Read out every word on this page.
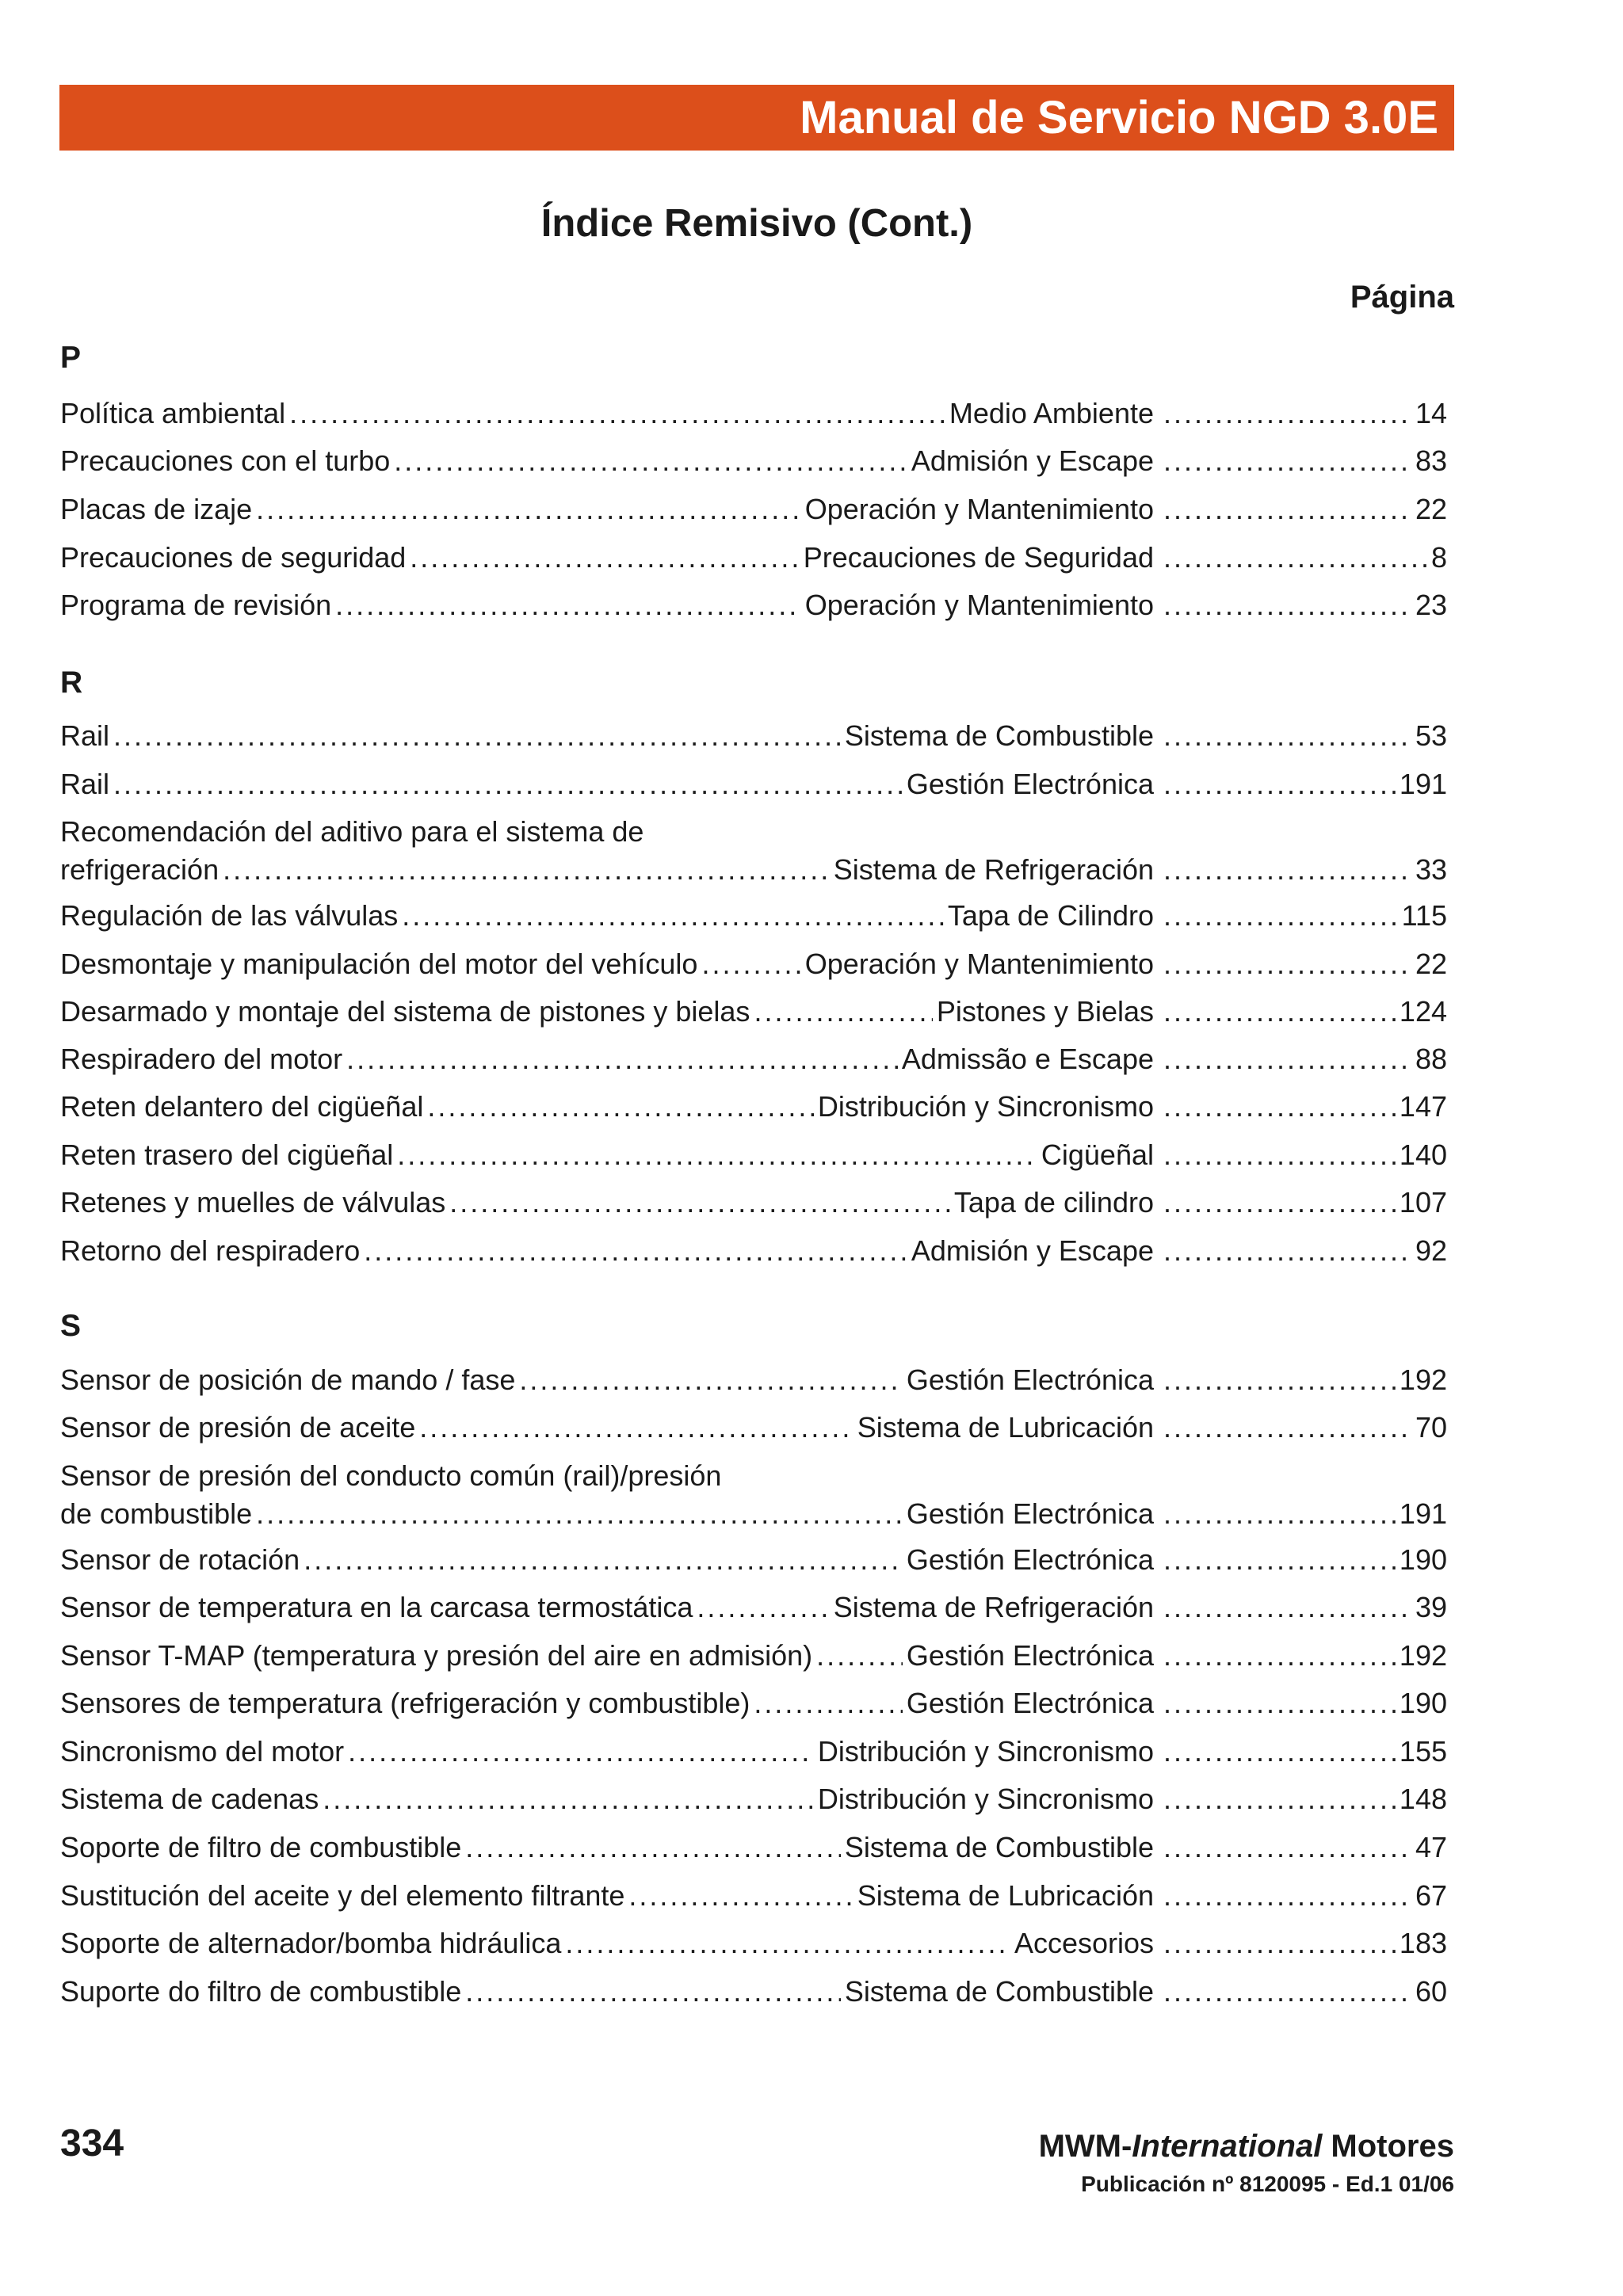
Manual de Servicio NGD 3.0E
Índice Remisivo (Cont.)
Página
P
Política ambiental .....	Medio Ambiente .....	14
Precauciones con el turbo .....	Admisión y Escape .....	83
Placas de izaje .....	Operación y Mantenimiento .....	22
Precauciones de seguridad .....	Precauciones de Seguridad .....	8
Programa de revisión .....	Operación y Mantenimiento .....	23
R
Rail .....	Sistema de Combustible .....	53
Rail .....	Gestión Electrónica .....	191
Recomendación del aditivo para el sistema de
refrigeración .....	Sistema de Refrigeración .....	33
Regulación de las válvulas .....	Tapa de Cilindro .....	115
Desmontaje y manipulación del motor del vehículo .....	Operación y Mantenimiento .....	22
Desarmado y montaje del sistema de pistones y bielas .....	Pistones y Bielas .....	124
Respiradero del motor .....	Admissão e Escape .....	88
Reten delantero del cigüeñal .....	Distribución y Sincronismo .....	147
Reten trasero del cigüeñal .....	Cigüeñal .....	140
Retenes y muelles de válvulas .....	Tapa de cilindro .....	107
Retorno del respiradero .....	Admisión y Escape .....	92
S
Sensor de posición de mando / fase .....	Gestión Electrónica .....	192
Sensor de presión de aceite .....	Sistema de Lubricación .....	70
Sensor de presión del conducto común (rail)/presión
de combustible .....	Gestión Electrónica .....	191
Sensor de rotación .....	Gestión Electrónica .....	190
Sensor de temperatura en la carcasa termostática .....	Sistema de Refrigeración .....	39
Sensor T-MAP (temperatura y presión del aire en admisión) .....	Gestión Electrónica .....	192
Sensores de temperatura (refrigeración y combustible) .....	Gestión Electrónica .....	190
Sincronismo del motor .....	Distribución y Sincronismo .....	155
Sistema de cadenas .....	Distribución y Sincronismo .....	148
Soporte de filtro de combustible .....	Sistema de Combustible .....	47
Sustitución del aceite y del elemento filtrante .....	Sistema de Lubricación .....	67
Soporte de alternador/bomba hidráulica .....	Accesorios .....	183
Suporte do filtro de combustible .....	Sistema de Combustible .....	60
334	MWM-International Motores
Publicación nº 8120095 - Ed.1 01/06
